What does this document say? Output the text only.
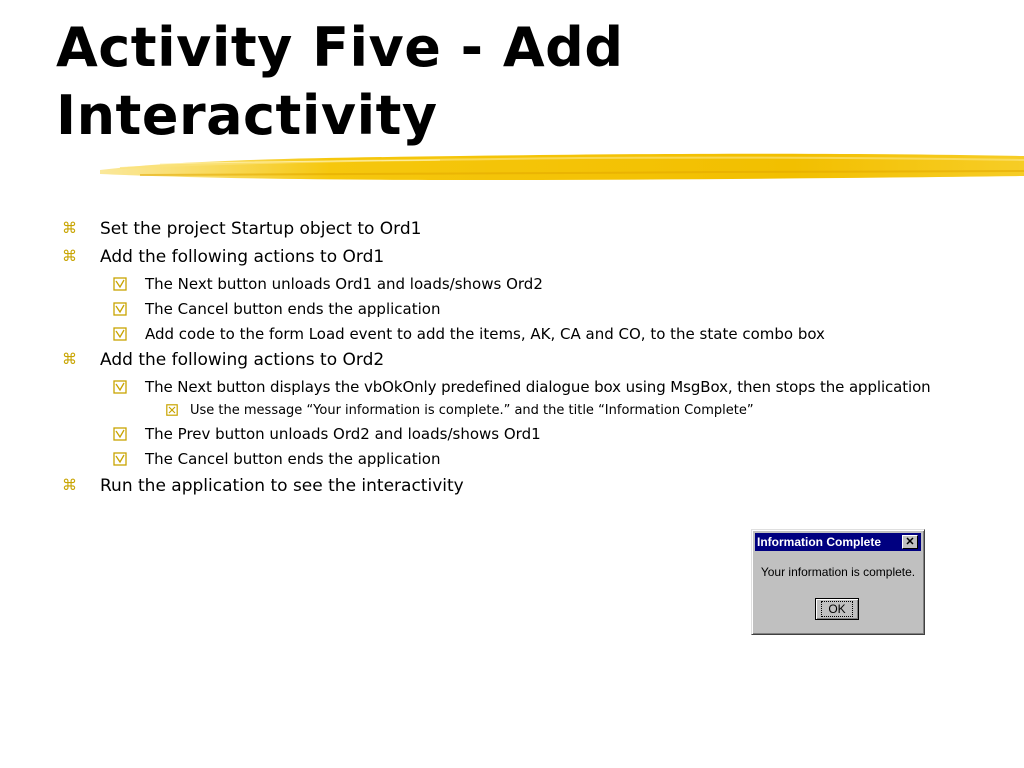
Activity Five - Add
Interactivity
⌘ Set the project Startup object to Ord1
⌘ Add the following actions to Ord1
The Next button unloads Ord1 and loads/shows Ord2
The Cancel button ends the application
Add code to the form Load event to add the items, AK, CA and CO, to the state combo box
⌘ Add the following actions to Ord2
The Next button displays the vbOkOnly predefined dialogue box using MsgBox, then stops the application
Use the message “Your information is complete.” and the title “Information Complete”
The Prev button unloads Ord2 and loads/shows Ord1
The Cancel button ends the application
⌘ Run the application to see the interactivity
Information Complete	✕
Your information is complete.
OK
